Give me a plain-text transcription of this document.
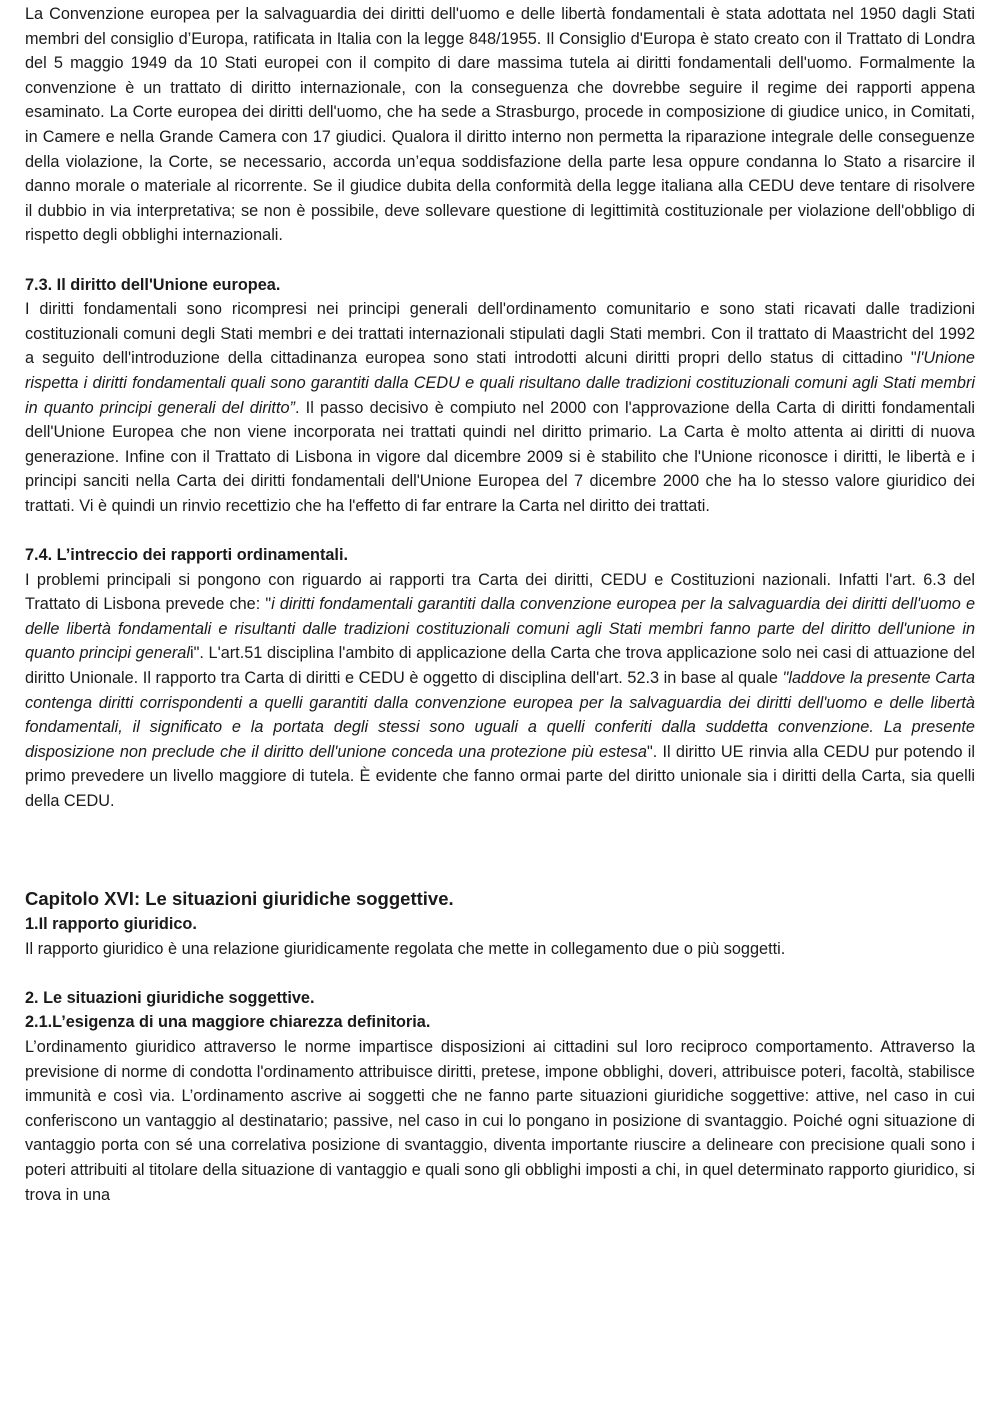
La Convenzione europea per la salvaguardia dei diritti dell'uomo e delle libertà fondamentali è stata adottata nel 1950 dagli Stati membri del consiglio d’Europa, ratificata in Italia con la legge 848/1955. Il Consiglio d'Europa è stato creato con il Trattato di Londra del 5 maggio 1949 da 10 Stati europei con il compito di dare massima tutela ai diritti fondamentali dell'uomo. Formalmente la convenzione è un trattato di diritto internazionale, con la conseguenza che dovrebbe seguire il regime dei rapporti appena esaminato. La Corte europea dei diritti dell'uomo, che ha sede a Strasburgo, procede in composizione di giudice unico, in Comitati, in Camere e nella Grande Camera con 17 giudici. Qualora il diritto interno non permetta la riparazione integrale delle conseguenze della violazione, la Corte, se necessario, accorda un’equa soddisfazione della parte lesa oppure condanna lo Stato a risarcire il danno morale o materiale al ricorrente. Se il giudice dubita della conformità della legge italiana alla CEDU deve tentare di risolvere il dubbio in via interpretativa; se non è possibile, deve sollevare questione di legittimità costituzionale per violazione dell'obbligo di rispetto degli obblighi internazionali.

7.3. Il diritto dell'Unione europea.

I diritti fondamentali sono ricompresi nei principi generali dell'ordinamento comunitario e sono stati ricavati dalle tradizioni costituzionali comuni degli Stati membri e dei trattati internazionali stipulati dagli Stati membri. Con il trattato di Maastricht del 1992 a seguito dell'introduzione della cittadinanza europea sono stati introdotti alcuni diritti propri dello status di cittadino "l'Unione rispetta i diritti fondamentali quali sono garantiti dalla CEDU e quali risultano dalle tradizioni costituzionali comuni agli Stati membri in quanto principi generali del diritto”. Il passo decisivo è compiuto nel 2000 con l'approvazione della Carta di diritti fondamentali dell'Unione Europea che non viene incorporata nei trattati quindi nel diritto primario. La Carta è molto attenta ai diritti di nuova generazione. Infine con il Trattato di Lisbona in vigore dal dicembre 2009 si è stabilito che l'Unione riconosce i diritti, le libertà e i principi sanciti nella Carta dei diritti fondamentali dell'Unione Europea del 7 dicembre 2000 che ha lo stesso valore giuridico dei trattati. Vi è quindi un rinvio recettizio che ha l'effetto di far entrare la Carta nel diritto dei trattati.

7.4. L’intreccio dei rapporti ordinamentali.

I problemi principali si pongono con riguardo ai rapporti tra Carta dei diritti, CEDU e Costituzioni nazionali. Infatti l'art. 6.3 del Trattato di Lisbona prevede che: "i diritti fondamentali garantiti dalla convenzione europea per la salvaguardia dei diritti dell'uomo e delle libertà fondamentali e risultanti dalle tradizioni costituzionali comuni agli Stati membri fanno parte del diritto dell'unione in quanto principi generali". L'art.51 disciplina l'ambito di applicazione della Carta che trova applicazione solo nei casi di attuazione del diritto Unionale. Il rapporto tra Carta di diritti e CEDU è oggetto di disciplina dell'art. 52.3 in base al quale "laddove la presente Carta contenga diritti corrispondenti a quelli garantiti dalla convenzione europea per la salvaguardia dei diritti dell'uomo e delle libertà fondamentali, il significato e la portata degli stessi sono uguali a quelli conferiti dalla suddetta convenzione. La presente disposizione non preclude che il diritto dell'unione conceda una protezione più estesa". Il diritto UE rinvia alla CEDU pur potendo il primo prevedere un livello maggiore di tutela. È evidente che fanno ormai parte del diritto unionale sia i diritti della Carta, sia quelli della CEDU.

Capitolo XVI: Le situazioni giuridiche soggettive.
1.Il rapporto giuridico.

Il rapporto giuridico è una relazione giuridicamente regolata che mette in collegamento due o più soggetti.

2. Le situazioni giuridiche soggettive.
2.1.L’esigenza di una maggiore chiarezza definitoria.

L’ordinamento giuridico attraverso le norme impartisce disposizioni ai cittadini sul loro reciproco comportamento. Attraverso la previsione di norme di condotta l'ordinamento attribuisce diritti, pretese, impone obblighi, doveri, attribuisce poteri, facoltà, stabilisce immunità e così via. L’ordinamento ascrive ai soggetti che ne fanno parte situazioni giuridiche soggettive: attive, nel caso in cui conferiscono un vantaggio al destinatario; passive, nel caso in cui lo pongano in posizione di svantaggio. Poiché ogni situazione di vantaggio porta con sé una correlativa posizione di svantaggio, diventa importante riuscire a delineare con precisione quali sono i poteri attribuiti al titolare della situazione di vantaggio e quali sono gli obblighi imposti a chi, in quel determinato rapporto giuridico, si trova in una
